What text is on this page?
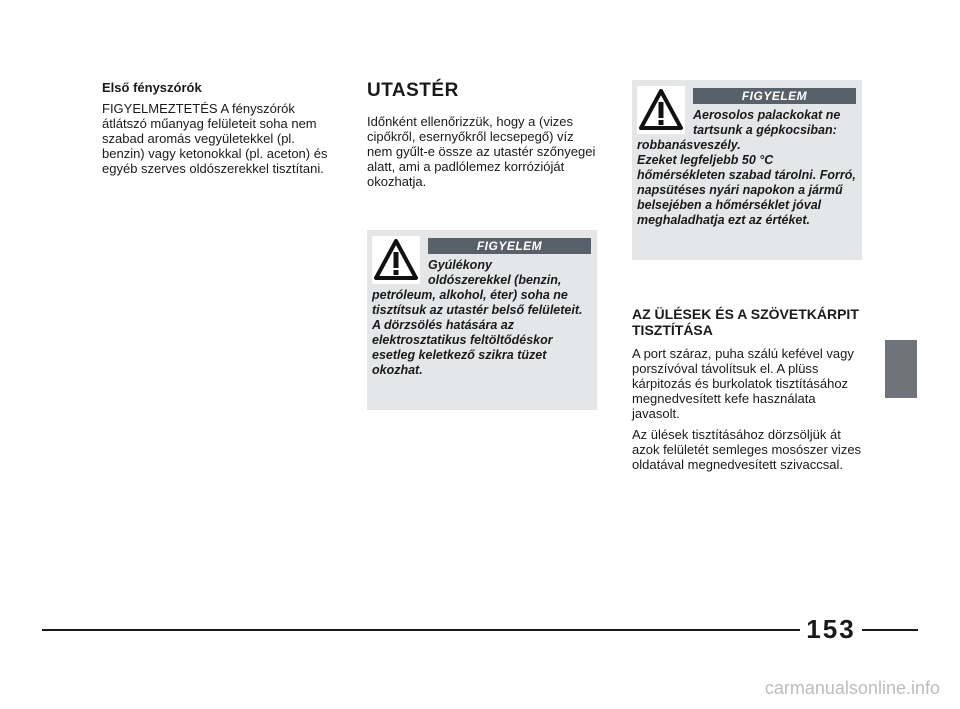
Első fényszórók

FIGYELMEZTETÉS A fényszórók átlátszó műanyag felületeit soha nem szabad aromás vegyületekkel (pl. benzin) vagy ketonokkal (pl. aceton) és egyéb szerves oldószerekkel tisztítani.

UTASTÉR

Időnként ellenőrizzük, hogy a (vizes cipőkről, esernyőkről lecsepegő) víz nem gyűlt-e össze az utastér szőnyegei alatt, ami a padlólemez korrózióját okozhatja.

FIGYELEM
Gyúlékony
oldószerekkel (benzin,
petróleum, alkohol, éter) soha ne tisztítsuk az utastér belső felületeit.
A dörzsölés hatására az elektrosztatikus feltöltődéskor esetleg keletkező szikra tüzet okozhat.
FIGYELEM
Aerosolos palackokat ne
tartsunk a gépkocsiban:
robbanásveszély.
Ezeket legfeljebb 50 °C hőmérsékleten szabad tárolni. Forró, napsütéses nyári napokon a jármű belsejében a hőmérséklet jóval meghaladhatja ezt az értéket.
AZ ÜLÉSEK ÉS A SZÖVETKÁRPIT TISZTÍTÁSA

A port száraz, puha szálú kefével vagy porszívóval távolítsuk el. A plüss kárpitozás és burkolatok tisztításához megnedvesített kefe használata javasolt.

Az ülések tisztításához dörzsöljük át azok felületét semleges mosószer vizes oldatával megnedvesített szivaccsal.

153
carmanualsonline.info
